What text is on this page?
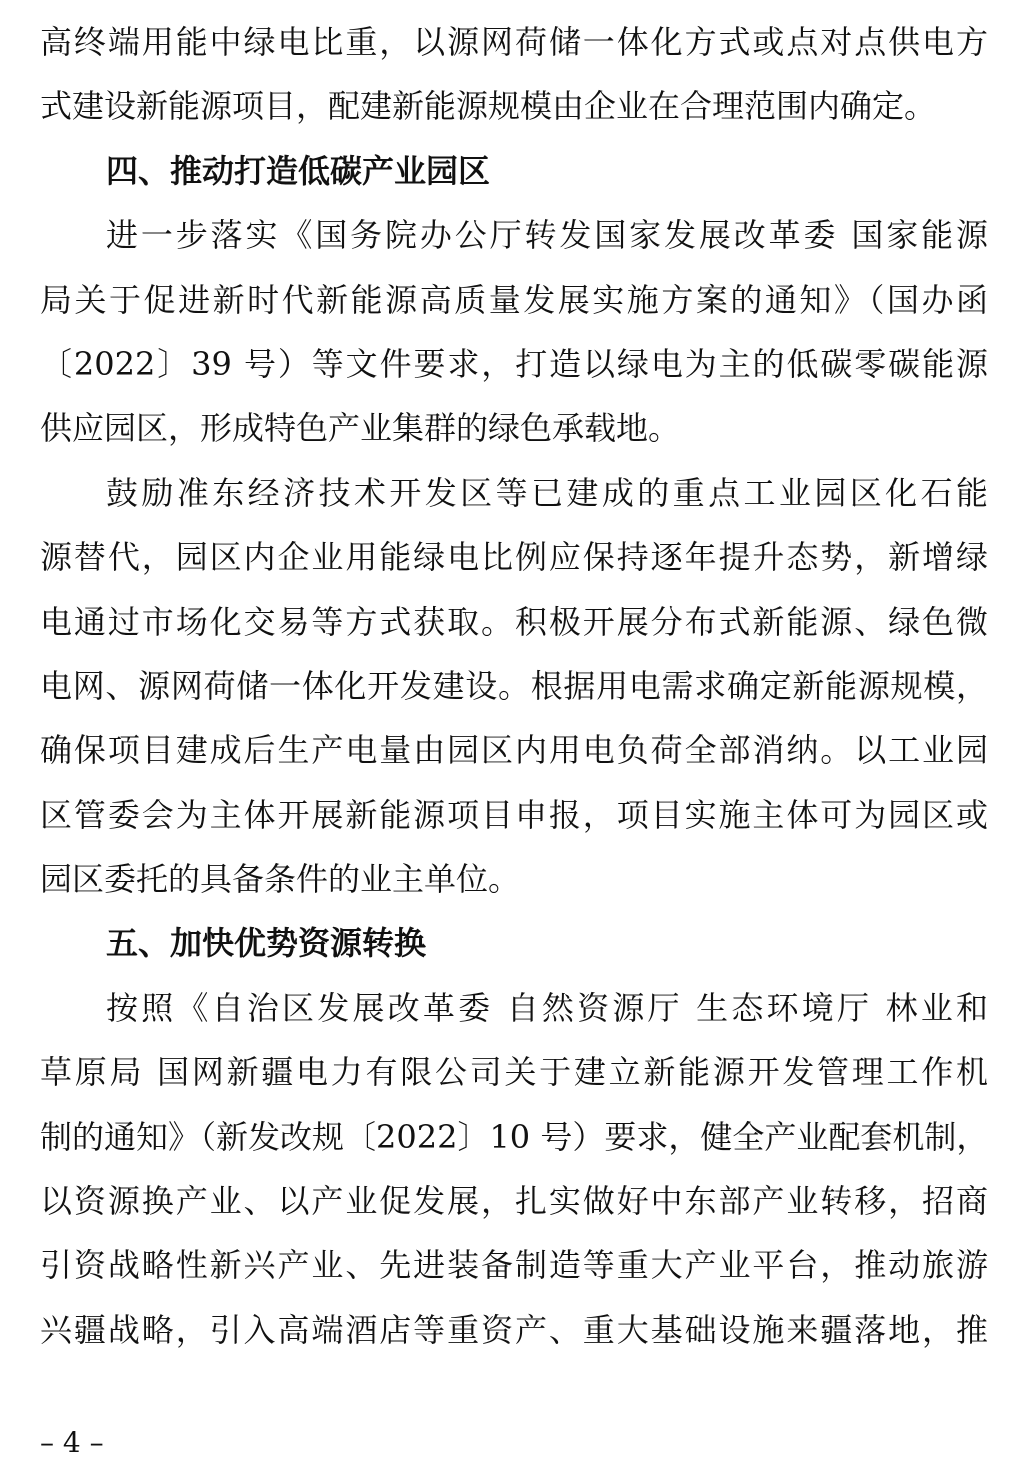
高终端用能中绿电比重，以源网荷储一体化方式或点对点供电方
式建设新能源项目，配建新能源规模由企业在合理范围内确定。
四、推动打造低碳产业园区
进一步落实《国务院办公厅转发国家发展改革委 国家能源
局关于促进新时代新能源高质量发展实施方案的通知》（国办函
〔2022〕39 号）等文件要求，打造以绿电为主的低碳零碳能源
供应园区，形成特色产业集群的绿色承载地。
鼓励准东经济技术开发区等已建成的重点工业园区化石能
源替代，园区内企业用能绿电比例应保持逐年提升态势，新增绿
电通过市场化交易等方式获取。积极开展分布式新能源、绿色微
电网、源网荷储一体化开发建设。根据用电需求确定新能源规模，
确保项目建成后生产电量由园区内用电负荷全部消纳。以工业园
区管委会为主体开展新能源项目申报，项目实施主体可为园区或
园区委托的具备条件的业主单位。
五、加快优势资源转换
按照《自治区发展改革委 自然资源厅 生态环境厅 林业和
草原局 国网新疆电力有限公司关于建立新能源开发管理工作机
制的通知》（新发改规〔2022〕10 号）要求，健全产业配套机制，
以资源换产业、以产业促发展，扎实做好中东部产业转移，招商
引资战略性新兴产业、先进装备制造等重大产业平台，推动旅游
兴疆战略，引入高端酒店等重资产、重大基础设施来疆落地，推
– 4 –
